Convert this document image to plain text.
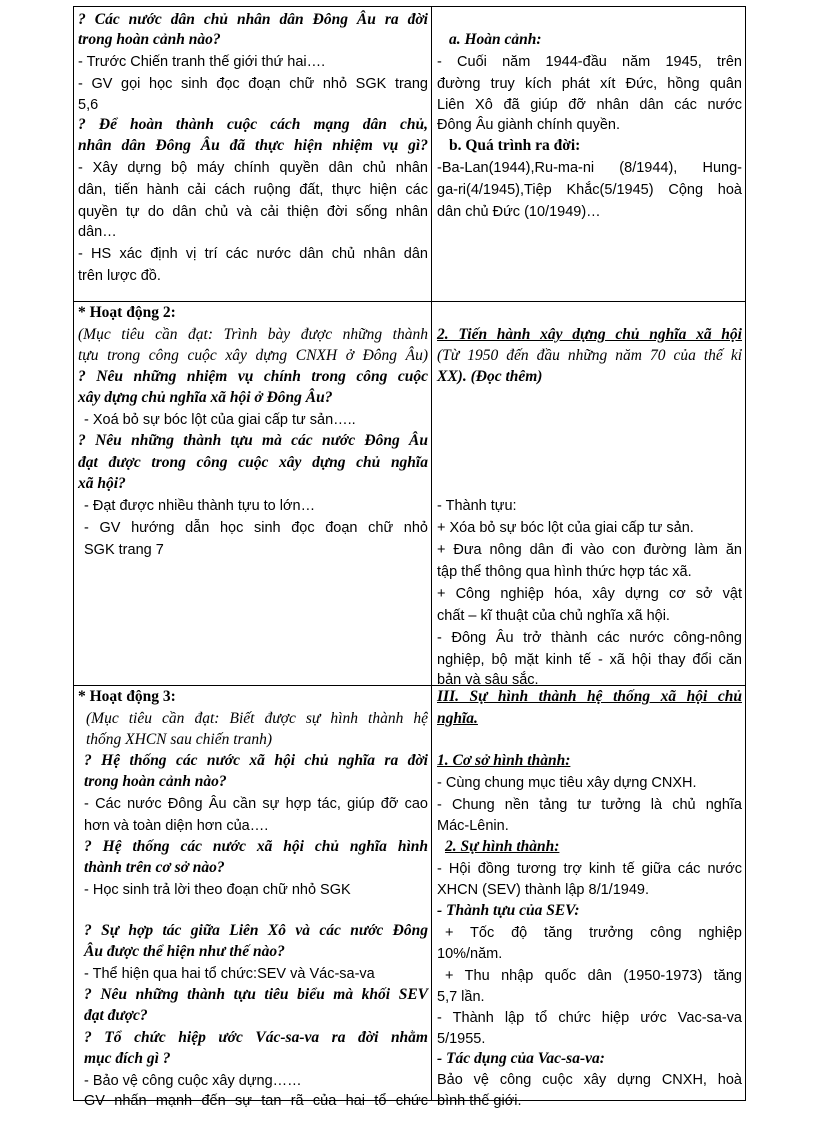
? Các nước dân chủ nhân dân Đông Âu ra đời
trong hoàn cảnh nào?
- Trước Chiến tranh thế giới thứ hai….
- GV gọi học sinh đọc đoạn chữ nhỏ SGK trang
5,6
? Để hoàn thành cuộc cách mạng dân chủ,
nhân dân Đông Âu đã thực hiện nhiệm vụ gì?
- Xây dựng bộ máy chính quyền dân chủ nhân
dân, tiến hành cải cách ruộng đất, thực hiện các
quyền tự do dân chủ và cải thiện đời sống nhân
dân…
- HS xác định vị trí các nước dân chủ nhân dân
trên lược đồ.
a. Hoàn cảnh:
- Cuối năm 1944-đầu năm 1945, trên
đường truy kích phát xít Đức, hồng quân
Liên Xô đã giúp đỡ nhân dân các nước
Đông Âu giành chính quyền.
b. Quá trình ra đời:
-Ba-Lan(1944),Ru-ma-ni (8/1944), Hung-
ga-ri(4/1945),Tiệp Khắc(5/1945) Cộng hoà
dân chủ Đức (10/1949)…
* Hoạt động 2:
(Mục tiêu cần đạt: Trình bày được những thành
tựu trong công cuộc xây dựng CNXH ở Đông Âu)
? Nêu những nhiệm vụ chính trong công cuộc
xây dựng chủ nghĩa xã hội ở Đông Âu?
- Xoá bỏ sự bóc lột của giai cấp tư sản…..
? Nêu những thành tựu mà các nước Đông Âu
đạt được trong công cuộc xây dựng chủ nghĩa
xã hội?
- Đạt được nhiều thành tựu to lớn…
- GV hướng dẫn học sinh đọc đoạn chữ nhỏ
SGK trang 7
2. Tiến hành xây dựng chủ nghĩa xã hội
(Từ 1950 đến đầu những năm 70 của thế kỉ
XX). (Đọc thêm)
- Thành tựu:
+ Xóa bỏ sự bóc lột của giai cấp tư sản.
+ Đưa nông dân đi vào con đường làm ăn
tập thể thông qua hình thức hợp tác xã.
+ Công nghiệp hóa, xây dựng cơ sở vật
chất – kĩ thuật của chủ nghĩa xã hội.
- Đông Âu trở thành các nước công-nông
nghiệp, bộ mặt kinh tế - xã hội thay đổi căn
bản và sâu sắc.
* Hoạt động 3:
(Mục tiêu cần đạt: Biết được sự hình thành hệ
thống XHCN sau chiến tranh)
? Hệ thống các nước xã hội chủ nghĩa ra đời
trong hoàn cảnh nào?
- Các nước Đông Âu cần sự hợp tác, giúp đỡ cao
hơn và toàn diện hơn của….
? Hệ thống các nước xã hội chủ nghĩa hình
thành trên cơ sở nào?
- Học sinh trả lời theo đoạn chữ nhỏ SGK
? Sự hợp tác giữa Liên Xô và các nước Đông
Âu được thể hiện như thế nào?
- Thể hiện qua hai tổ chức:SEV và Vác-sa-va
? Nêu những thành tựu tiêu biểu mà khối SEV
đạt được?
? Tổ chức hiệp ước Vác-sa-va ra đời nhằm
mục đích gì ?
- Bảo vệ công cuộc xây dựng……
GV nhấn mạnh đến sự tan rã của hai tổ chức
III. Sự hình thành hệ thống xã hội chủ
nghĩa.
1. Cơ sở hình thành:
- Cùng chung mục tiêu xây dựng CNXH.
- Chung nền tảng tư tưởng là chủ nghĩa
Mác-Lênin.
2. Sự hình thành:
- Hội đồng tương trợ kinh tế giữa các nước
XHCN (SEV) thành lập 8/1/1949.
- Thành tựu của SEV:
+ Tốc độ tăng trưởng công nghiệp
10%/năm.
+ Thu nhập quốc dân (1950-1973) tăng
5,7 lần.
- Thành lập tổ chức hiệp ước Vac-sa-va
5/1955.
- Tác dụng của Vac-sa-va:
Bảo vệ công cuộc xây dựng CNXH, hoà
bình thế giới.
